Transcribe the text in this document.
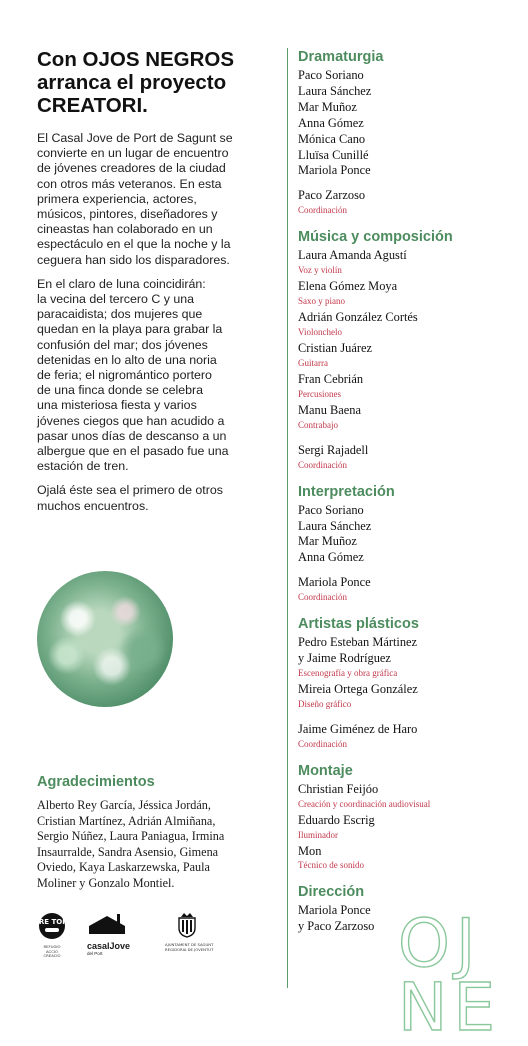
Con OJOS NEGROS
arranca el proyecto
CREATORI.
El Casal Jove de Port de Sagunt se
convierte en un lugar de encuentro
de jóvenes creadores de la ciudad
con otros más veteranos. En esta
primera experiencia, actores,
músicos, pintores, diseñadores y
cineastas han colaborado en un
espectáculo en el que la noche y la
ceguera han sido los disparadores.
En el claro de luna coincidirán:
la vecina del tercero C y una
paracaidista; dos mujeres que
quedan en la playa para grabar la
confusión del mar; dos jóvenes
detenidas en lo alto de una noria
de feria; el nigromántico portero
de una finca donde se celebra
una misteriosa fiesta y varios
jóvenes ciegos que han acudido a
pasar unos días de descanso a un
albergue que en el pasado fue una
estación de tren.
Ojalá éste sea el primero de otros
muchos encuentros.
Agradecimientos
Alberto Rey García, Jéssica Jordán,
Cristian Martínez, Adrián Almiñana,
Sergio Núñez, Laura Paniagua, Irmina
Insaurralde, Sandra Asensio, Gimena
Oviedo, Kaya Laskarzewska, Paula
Moliner y Gonzalo Montiel.
CRE TORI
REFUGIO
ACCIÓ
CREACIÓ
casalJove
del Port
AJUNTAMENT DE SAGUNT
REGIDORIA DE JOVENTUT
Dramaturgia
Paco Soriano
Laura Sánchez
Mar Muñoz
Anna Gómez
Mónica Cano
Lluïsa Cunillé
Mariola Ponce
Paco Zarzoso
Coordinación
Música y composición
Laura Amanda Agustí
Voz y violín
Elena Gómez Moya
Saxo y piano
Adrián González Cortés
Violonchelo
Cristian Juárez
Guitarra
Fran Cebrián
Percusiones
Manu Baena
Contrabajo
Sergi Rajadell
Coordinación
Interpretación
Paco Soriano
Laura Sánchez
Mar Muñoz
Anna Gómez
Mariola Ponce
Coordinación
Artistas plásticos
Pedro Esteban Mártinez
y Jaime Rodríguez
Escenografía y obra gráfica
Mireia Ortega González
Diseño gráfico
Jaime Giménez de Haro
Coordinación
Montaje
Christian Feijóo
Creación y coordinación audiovisual
Eduardo Escrig
Iluminador
Mon
Técnico de sonido
Dirección
Mariola Ponce
y Paco Zarzoso OJ
NE
